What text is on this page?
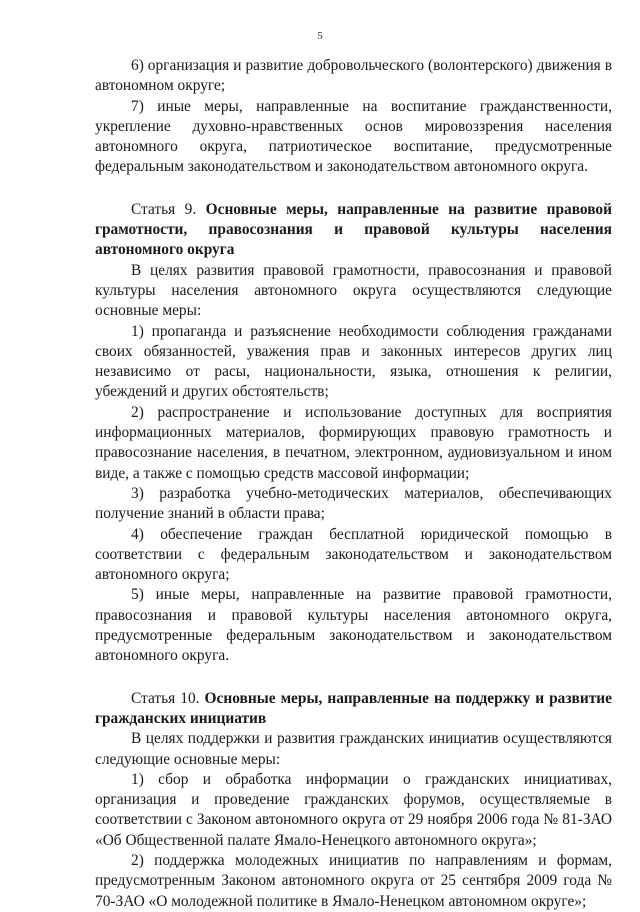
5

6) организация и развитие добровольческого (волонтерского) движения в автономном округе;

7) иные меры, направленные на воспитание гражданственности, укрепление духовно-нравственных основ мировоззрения населения автономного округа, патриотическое воспитание, предусмотренные федеральным законодательством и законодательством автономного округа.

Статья 9. Основные меры, направленные на развитие правовой грамотности, правосознания и правовой культуры населения автономного округа

В целях развития правовой грамотности, правосознания и правовой культуры населения автономного округа осуществляются следующие основные меры:

1) пропаганда и разъяснение необходимости соблюдения гражданами своих обязанностей, уважения прав и законных интересов других лиц независимо от расы, национальности, языка, отношения к религии, убеждений и других обстоятельств;

2) распространение и использование доступных для восприятия информационных материалов, формирующих правовую грамотность и правосознание населения, в печатном, электронном, аудиовизуальном и ином виде, а также с помощью средств массовой информации;

3) разработка учебно-методических материалов, обеспечивающих получение знаний в области права;

4) обеспечение граждан бесплатной юридической помощью в соответствии с федеральным законодательством и законодательством автономного округа;

5) иные меры, направленные на развитие правовой грамотности, правосознания и правовой культуры населения автономного округа, предусмотренные федеральным законодательством и законодательством автономного округа.

Статья 10. Основные меры, направленные на поддержку и развитие гражданских инициатив

В целях поддержки и развития гражданских инициатив осуществляются следующие основные меры:

1) сбор и обработка информации о гражданских инициативах, организация и проведение гражданских форумов, осуществляемые в соответствии с Законом автономного округа от 29 ноября 2006 года № 81-ЗАО «Об Общественной палате Ямало-Ненецкого автономного округа»;

2) поддержка молодежных инициатив по направлениям и формам, предусмотренным Законом автономного округа от 25 сентября 2009 года № 70-ЗАО «О молодежной политике в Ямало-Ненецком автономном округе»;
